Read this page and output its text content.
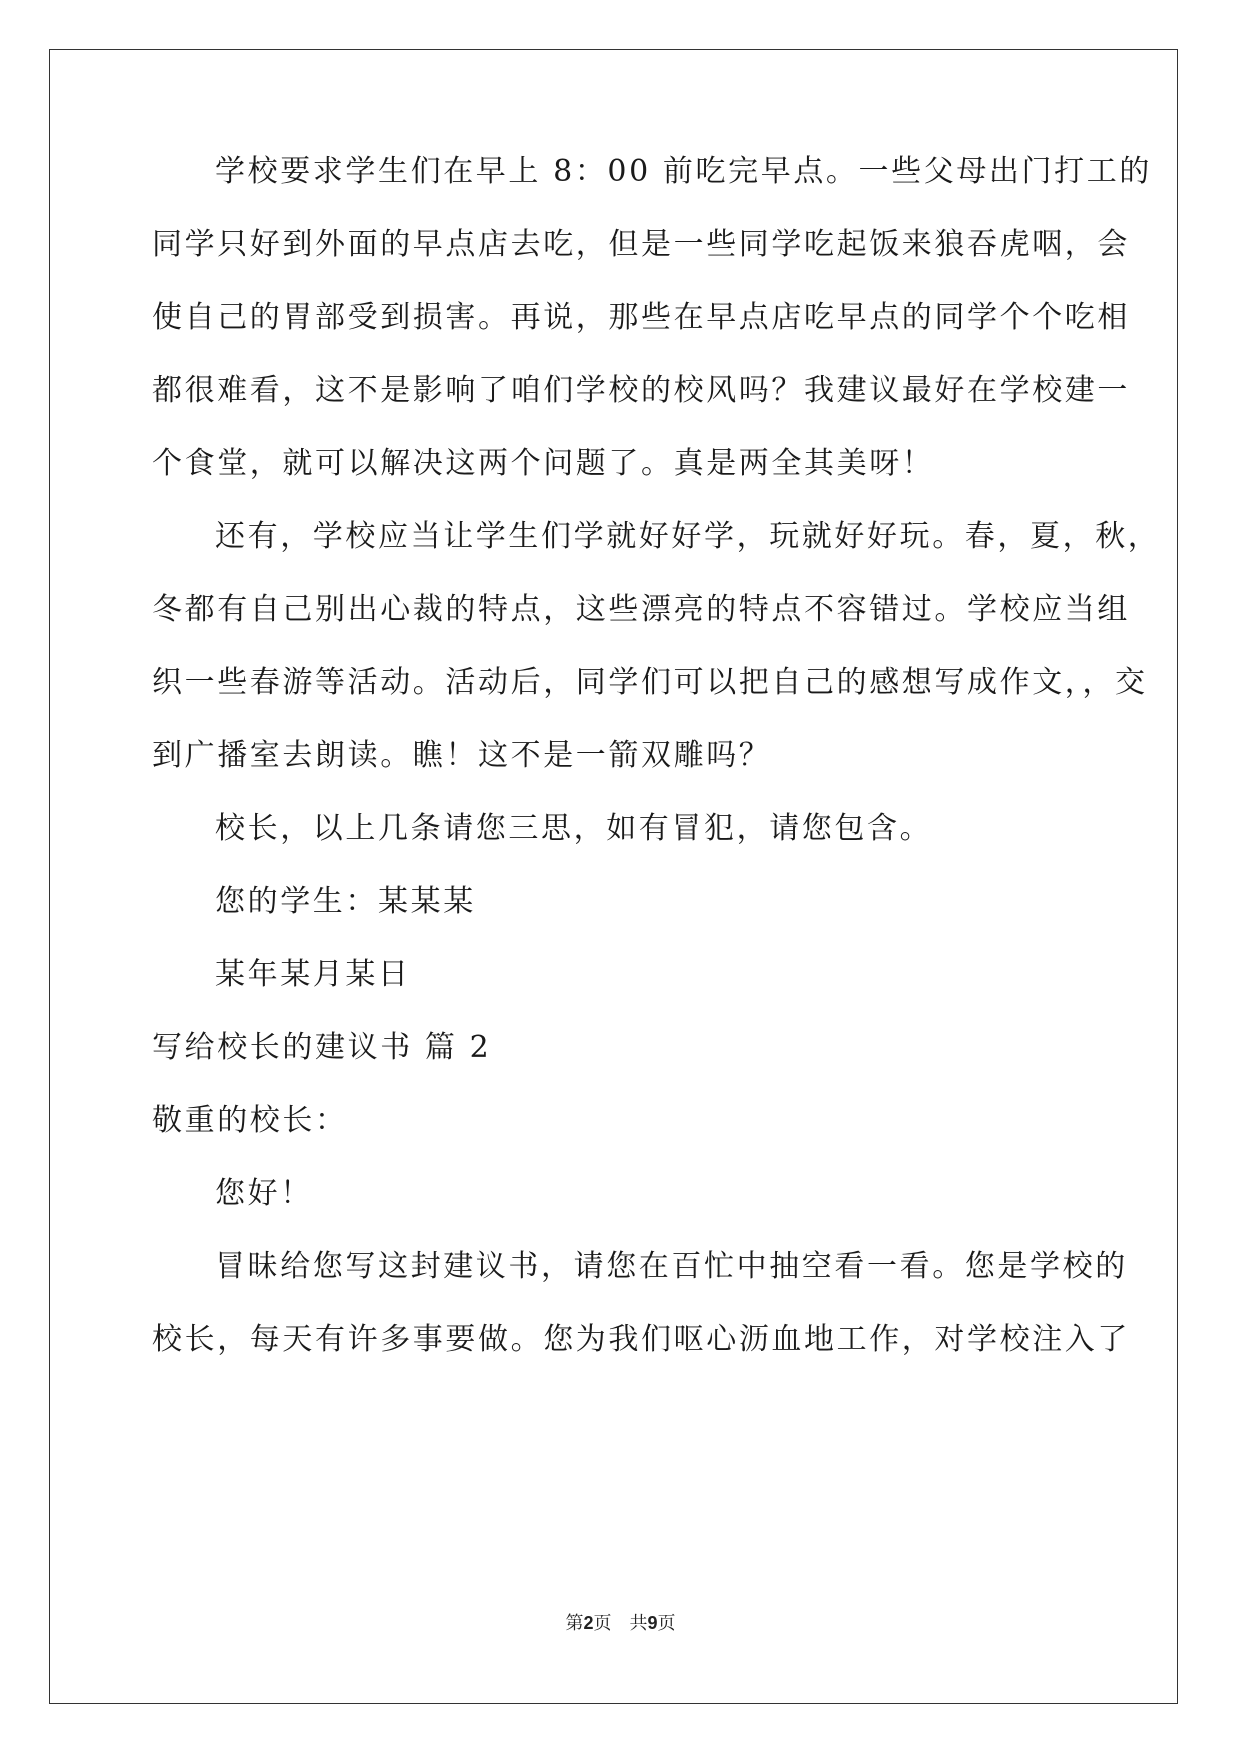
学校要求学生们在早上 8：00 前吃完早点。一些父母出门打工的

同学只好到外面的早点店去吃，但是一些同学吃起饭来狼吞虎咽，会

使自己的胃部受到损害。再说，那些在早点店吃早点的同学个个吃相

都很难看，这不是影响了咱们学校的校风吗？我建议最好在学校建一

个食堂，就可以解决这两个问题了。真是两全其美呀！

还有，学校应当让学生们学就好好学，玩就好好玩。春，夏，秋，

冬都有自己别出心裁的特点，这些漂亮的特点不容错过。学校应当组

织一些春游等活动。活动后，同学们可以把自己的感想写成作文，，交

到广播室去朗读。瞧！这不是一箭双雕吗？

校长，以上几条请您三思，如有冒犯，请您包含。

您的学生：某某某

某年某月某日

写给校长的建议书 篇 2

敬重的校长：

您好！

冒昧给您写这封建议书，请您在百忙中抽空看一看。您是学校的

校长，每天有许多事要做。您为我们呕心沥血地工作，对学校注入了

第2页 共9页
